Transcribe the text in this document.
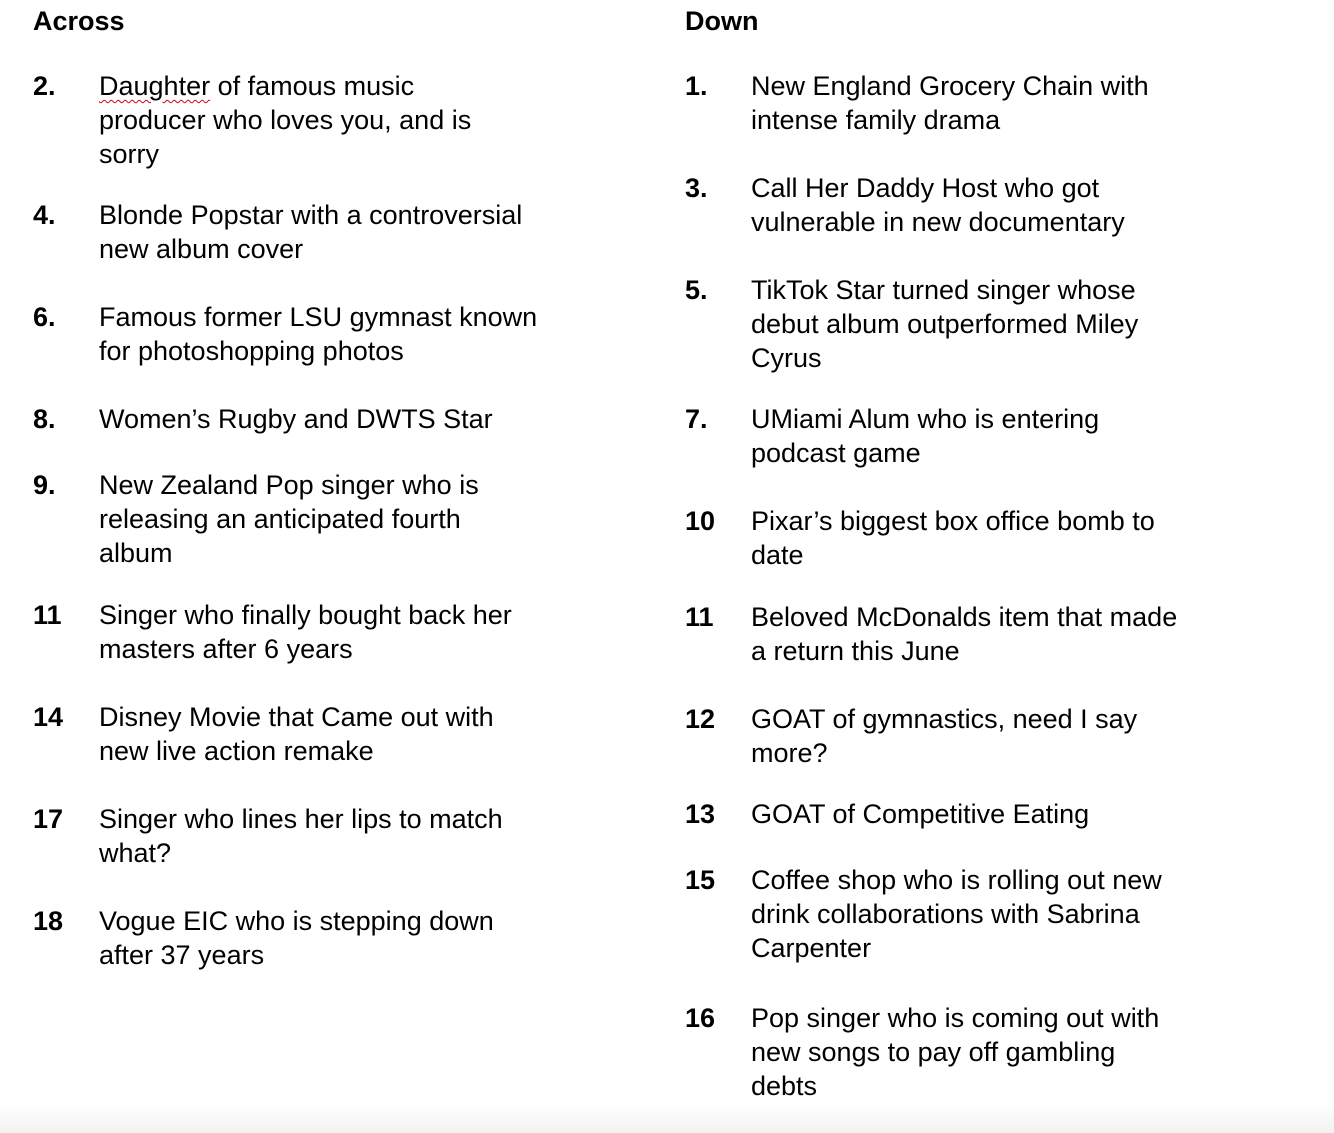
Across
2. Daughter of famous music
producer who loves you, and is
sorry
4. Blonde Popstar with a controversial
new album cover
6. Famous former LSU gymnast known
for photoshopping photos
8. Women’s Rugby and DWTS Star
9. New Zealand Pop singer who is
releasing an anticipated fourth
album
11 Singer who finally bought back her
masters after 6 years
14 Disney Movie that Came out with
new live action remake
17 Singer who lines her lips to match
what?
18 Vogue EIC who is stepping down
after 37 years
Down
1. New England Grocery Chain with
intense family drama
3. Call Her Daddy Host who got
vulnerable in new documentary
5. TikTok Star turned singer whose
debut album outperformed Miley
Cyrus
7. UMiami Alum who is entering
podcast game
10 Pixar’s biggest box office bomb to
date
11 Beloved McDonalds item that made
a return this June
12 GOAT of gymnastics, need I say
more?
13 GOAT of Competitive Eating
15 Coffee shop who is rolling out new
drink collaborations with Sabrina
Carpenter
16 Pop singer who is coming out with
new songs to pay off gambling
debts
